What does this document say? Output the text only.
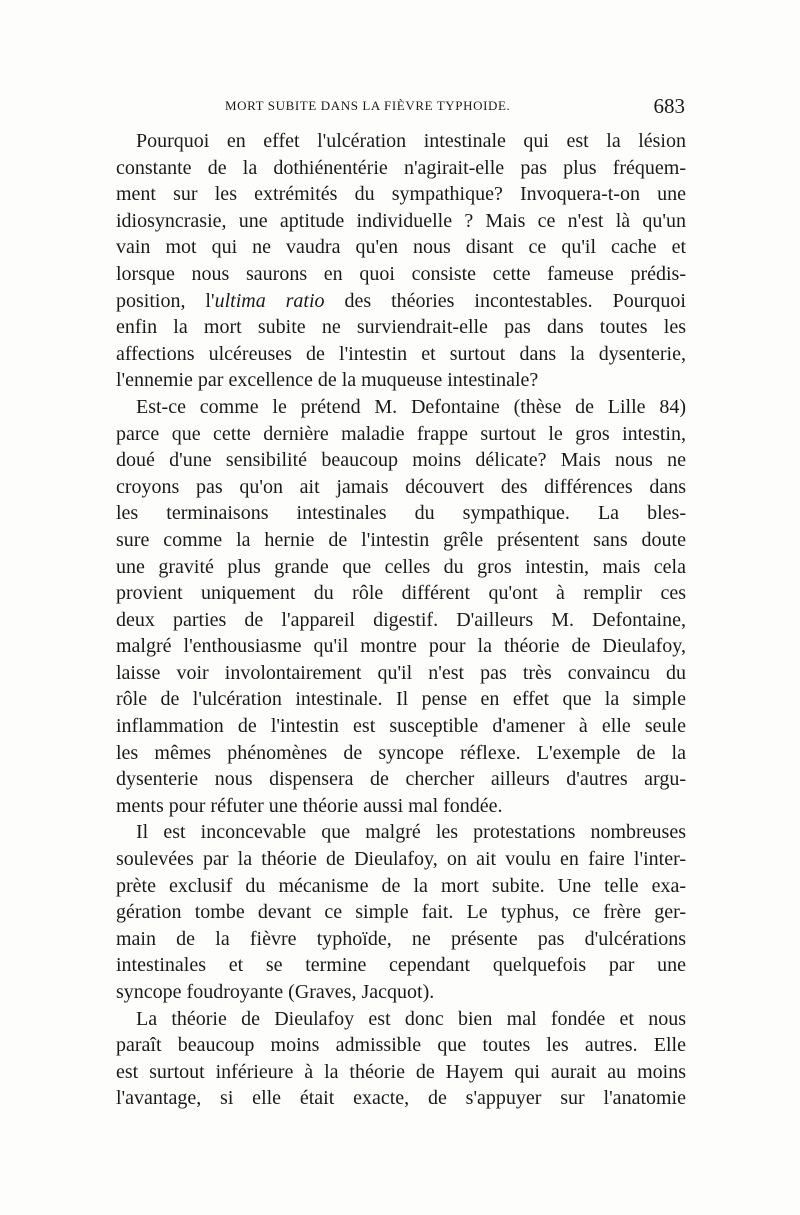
MORT SUBITE DANS LA FIÈVRE TYPHOIDE.	683
Pourquoi en effet l'ulcération intestinale qui est la lésion
constante de la dothiénentérie n'agirait-elle pas plus fréquem-
ment sur les extrémités du sympathique? Invoquera-t-on une
idiosyncrasie, une aptitude individuelle ? Mais ce n'est là qu'un
vain mot qui ne vaudra qu'en nous disant ce qu'il cache et
lorsque nous saurons en quoi consiste cette fameuse prédis-
position, l'ultima ratio des théories incontestables. Pourquoi
enfin la mort subite ne surviendrait-elle pas dans toutes les
affections ulcéreuses de l'intestin et surtout dans la dysenterie,
l'ennemie par excellence de la muqueuse intestinale?
Est-ce comme le prétend M. Defontaine (thèse de Lille 84)
parce que cette dernière maladie frappe surtout le gros intestin,
doué d'une sensibilité beaucoup moins délicate? Mais nous ne
croyons pas qu'on ait jamais découvert des différences dans
les terminaisons intestinales du sympathique. La bles-
sure comme la hernie de l'intestin grêle présentent sans doute
une gravité plus grande que celles du gros intestin, mais cela
provient uniquement du rôle différent qu'ont à remplir ces
deux parties de l'appareil digestif. D'ailleurs M. Defontaine,
malgré l'enthousiasme qu'il montre pour la théorie de Dieulafoy,
laisse voir involontairement qu'il n'est pas très convaincu du
rôle de l'ulcération intestinale. Il pense en effet que la simple
inflammation de l'intestin est susceptible d'amener à elle seule
les mêmes phénomènes de syncope réflexe. L'exemple de la
dysenterie nous dispensera de chercher ailleurs d'autres argu-
ments pour réfuter une théorie aussi mal fondée.
Il est inconcevable que malgré les protestations nombreuses
soulevées par la théorie de Dieulafoy, on ait voulu en faire l'inter-
prète exclusif du mécanisme de la mort subite. Une telle exa-
gération tombe devant ce simple fait. Le typhus, ce frère ger-
main de la fièvre typhoïde, ne présente pas d'ulcérations
intestinales et se termine cependant quelquefois par une
syncope foudroyante (Graves, Jacquot).
La théorie de Dieulafoy est donc bien mal fondée et nous
paraît beaucoup moins admissible que toutes les autres. Elle
est surtout inférieure à la théorie de Hayem qui aurait au moins
l'avantage, si elle était exacte, de s'appuyer sur l'anatomie
